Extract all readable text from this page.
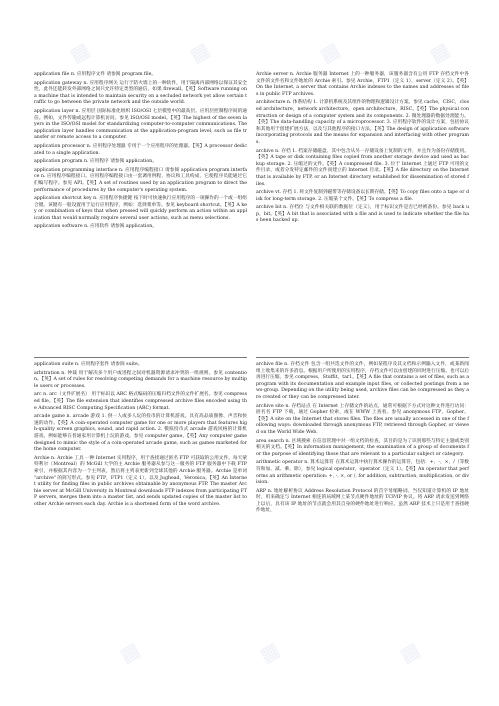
▦	▦	▦	▦
▦	▦	▦

application file n. 应用程序文件 请参阅 program file。

application gateway n. 应用程序网关 运行于防火墙上的一种软件，用于隔离内部网络以保证其安全性，此外还能转发外部网络之间只允许特定类型的通信，如果 firewall。【英】Software running on a machine that is intended to maintain security on a secluded network yet allow certain traffic to go between the private network and the outside world.

application layer n. 应用层 国际标准化组织 ISO/OSI 七层模型中的最高层。应用层控制程序间的通信。例如，文件传输或远程计算机访问。参见 ISO/OSI model。【英】The highest of the seven layers in the ISO/OSI model for standardizing computer-to-computer communications. The application layer handles communication at the application-program level, such as file transfer or remote access to a computer.

application processor n. 应用程序处理器 专用于一个应用程序的处理器。【英】A processor dedicated to a single application.

application program n. 应用程序 请参阅 application。

application programming interface n. 应用程序编程接口 请参阅 application program interface n. 应用程序编程接口。应用程序编程接口由一套调用例程、协议和工具构成，它使程序员能通过它们编写程序。参见 API。【英】A set of routines used by an application program to direct the performance of procedures by the computer's operating system.

application shortcut key n. 应用程序快捷键 按下时可快速执行应用程序的一项操作的一个或一组组合键。该键有一般设置用于运行应用程序，例如：选择菜单等。参见 keyboard shortcut。【英】A key or combination of keys that when pressed will quickly perform an action within an application that would normally require several user actions, such as menu selections.

application software n. 应用软件 请参阅 application。

application suite n. 应用程序套件 请参阅 suite。

arbitration n. 仲裁 用于解决多个用户或进程之间对机器资源请求冲突的一组规则。参见 contention。【英】A set of rules for resolving competing demands for a machine resource by multiple users or processes.

arc n. arc（文件扩展名） 用于标识以 ARC 格式编码的压缩归档文件的文件扩展名。参见 compressed file。【英】The file extension that identifies compressed archive files encoded using the Advanced RISC Computing Specification (ARC) format.

arcade game n. arcade 游戏 1. 供一人或多人玩的投币的计算机游戏，具有高品质图像、声音和快速的动作。【英】A coin-operated computer game for one or more players that features high-quality screen graphics, sound, and rapid action. 2. 模拟投币式 arcade 游戏风格的计算机游戏，例如能够在普通家用计算机上玩的游戏。参见 computer game。【英】Any computer game designed to mimic the style of a coin-operated arcade game, such as games marketed for the home computer.

Archie n. Archie 工具 一种 Internet 实用程序，用于查找通过匿名 FTP 可获取的公用文件。每天蒙特利尔（Montreal）的 McGill 大学的主 Archie 服务器从参与这一服务的 FTP 服务器中下载 FTP 索引，并根据其内容为一个主列表，然后将主列表更新到全球其他的 Archie 服务器。Archie 是单词 "archive" 的简写形式。参见 FTP，FTP1（定义 1），以及 Jughead，Veronica。【英】An Internet utility for finding files in public archives obtainable by anonymous FTP. The master Archie server at McGill University in Montreal downloads FTP indexes from participating FTP servers, merges them into a master list, and sends updated copies of the master list to other Archie servers each day. Archie is a shortened form of the word archive.

Archie server n. Archie 服务器 Internet 上的一种服务器，该服务器含有公用 FTP 存档文件中各文件的文件名和文件地址的 Archie 索引。参见 Archie，FTP1（定义 1），server（定义 2）。【英】On the Internet, a server that contains Archie indexes to the names and addresses of files in public FTP archives.

architecture n. 体系结构 1. 计算机系统及其组件的物理和逻辑设计方案。参见 cache，CISC，closed architecture，network architecture，open architecture，RISC。【英】The physical construction or design of a computer system and its components. 2. 微处理器的数据处理能力。【英】The data-handling capacity of a microprocessor. 3. 应用程序软件的设计方案，包括协议和其他用于创建扩展方法，以及与其他程序的接口方法。【英】The design of application software incorporating protocols and the means for expansion and interfacing with other programs.

archive n. 存档 1. 档案存储磁盘、其中包含从另一存储设备上复制的文件，并且作为备份存储使用。【英】A tape or disk containing files copied from another storage device and used as backup storage. 2. 压缩过的文件。【英】A compressed file. 3. 位于 Internet 上通过 FTP 可用的文件目录，或者分发特定邮件的文件而建立的 Internet 目录。【英】A file directory on the Internet that is available by FTP, or an Internet directory established for dissemination of stored files.

archive vt. 存档 1. 将文件复制到磁带等存储设备以长期存储。【英】To copy files onto a tape or disk for long-term storage. 2. 压缩某个文件。【英】To compress a file.

archive bit n. 存档位 与文件相关联的数据位（定义），用于标识文件是否已经被备份。参见 back up，bit。【英】A bit that is associated with a file and is used to indicate whether the file has been backed up.

archive file n. 存档文件 包含一组共选文件的文件，例如某程序及其文档和示例输入文件，或某新闻组上收集来的许多消息。根据用户所使用的实用程序，存档文件可以由创建的同时进行压缩。也可以后再进行压缩。参见 compress，Stuffit，tar1。【英】A file that contains a set of files, such as a program with its documentation and example input files, or collected postings from a news-group. Depending on the utility being used, archive files can be compressed as they are created or they can be compressed later.

archive site n. 存档站点 在 Internet 上存储文件的站点，通常可根据下方式对这种文件进行访问：匿名名 FTP 下载，通过 Gopher 检索，或在 WWW 上查看。参见 anonymous FTP，Gopher。【英】A site on the Internet that stores files. The files are usually accessed in one of the following ways: downloaded through anonymous FTP, retrieved through Gopher, or viewed on the World Wide Web.

area search n. 区域搜索 在信息管理中对一组文档的检查，其目的是为了识别那些与特定主题或类别相关的文档。【英】In information management, the examination of a group of documents for the purpose of identifying those that are relevant to a particular subject or category.

arithmetic operator n. 算术运算符 在算术运算中执行算术操作的运算符，包括：+、-、×、/（等数符和加、减、乘、除），参见 logical operator，operator（定义 1）。【英】An operator that performs an arithmetic operation: +, -, ×, or /, for addition, subtraction, multiplication, or division.

ARP n. 地址解析协议 Address Resolution Protocol 的首字母缩略词。当仅知道计算机的 IP 地址时，用来确定与 Internet 相连的局域网上某节点硬件地址的 TCP/IP 协议。将 ARP 请求发送到网络上以后，具有该 IP 地址的节点就会用其自身的硬件地址进行响应。虽然 ARP 技术上只是用于查找硬件地址，
